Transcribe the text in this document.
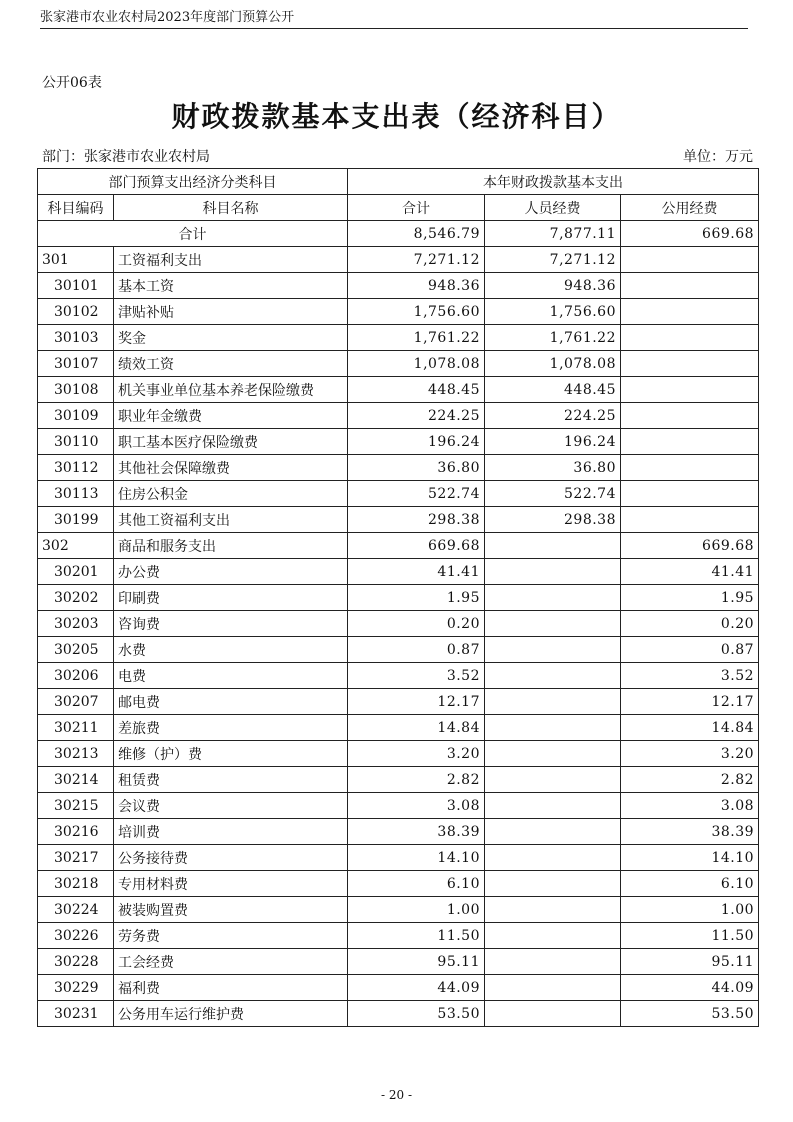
张家港市农业农村局2023年度部门预算公开
公开06表
财政拨款基本支出表（经济科目）
部门：张家港市农业农村局	单位：万元
部门预算支出经济分类科目		本年财政拨款基本支出		
科目编码	科目名称	合计	人员经费	公用经费
合计		8,546.79	7,877.11	669.68
301	工资福利支出	7,271.12	7,271.12	
30101	基本工资	948.36	948.36	
30102	津贴补贴	1,756.60	1,756.60	
30103	奖金	1,761.22	1,761.22	
30107	绩效工资	1,078.08	1,078.08	
30108	机关事业单位基本养老保险缴费	448.45	448.45	
30109	职业年金缴费	224.25	224.25	
30110	职工基本医疗保险缴费	196.24	196.24	
30112	其他社会保障缴费	36.80	36.80	
30113	住房公积金	522.74	522.74	
30199	其他工资福利支出	298.38	298.38	
302	商品和服务支出	669.68		669.68
30201	办公费	41.41		41.41
30202	印刷费	1.95		1.95
30203	咨询费	0.20		0.20
30205	水费	0.87		0.87
30206	电费	3.52		3.52
30207	邮电费	12.17		12.17
30211	差旅费	14.84		14.84
30213	维修（护）费	3.20		3.20
30214	租赁费	2.82		2.82
30215	会议费	3.08		3.08
30216	培训费	38.39		38.39
30217	公务接待费	14.10		14.10
30218	专用材料费	6.10		6.10
30224	被装购置费	1.00		1.00
30226	劳务费	11.50		11.50
30228	工会经费	95.11		95.11
30229	福利费	44.09		44.09
30231	公务用车运行维护费	53.50		53.50
- 20 -
